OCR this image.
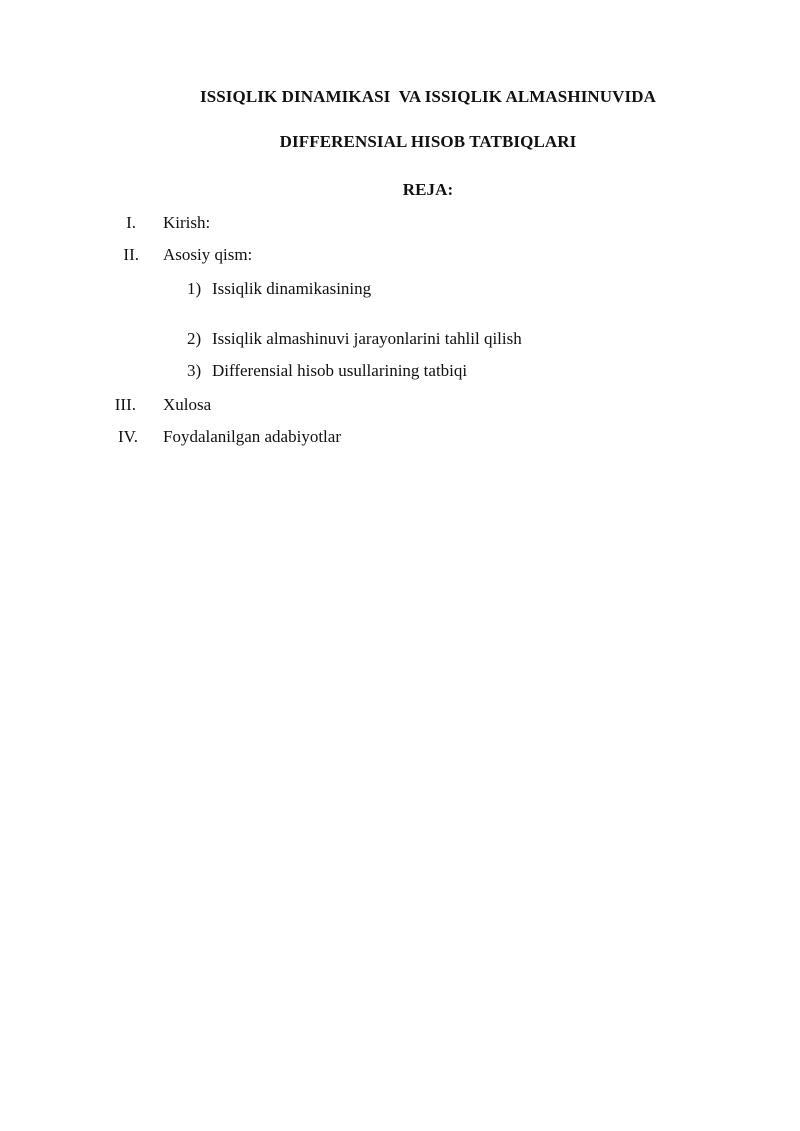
ISSIQLIK DINAMIKASI  VA ISSIQLIK ALMASHINUVIDA
DIFFERENSIAL HISOB TATBIQLARI
REJA:
I. Kirish:
II. Asosiy qism:
1) Issiqlik dinamikasining
2) Issiqlik almashinuvi jarayonlarini tahlil qilish
3) Differensial hisob usullarining tatbiqi
III. Xulosa
IV. Foydalanilgan adabiyotlar
